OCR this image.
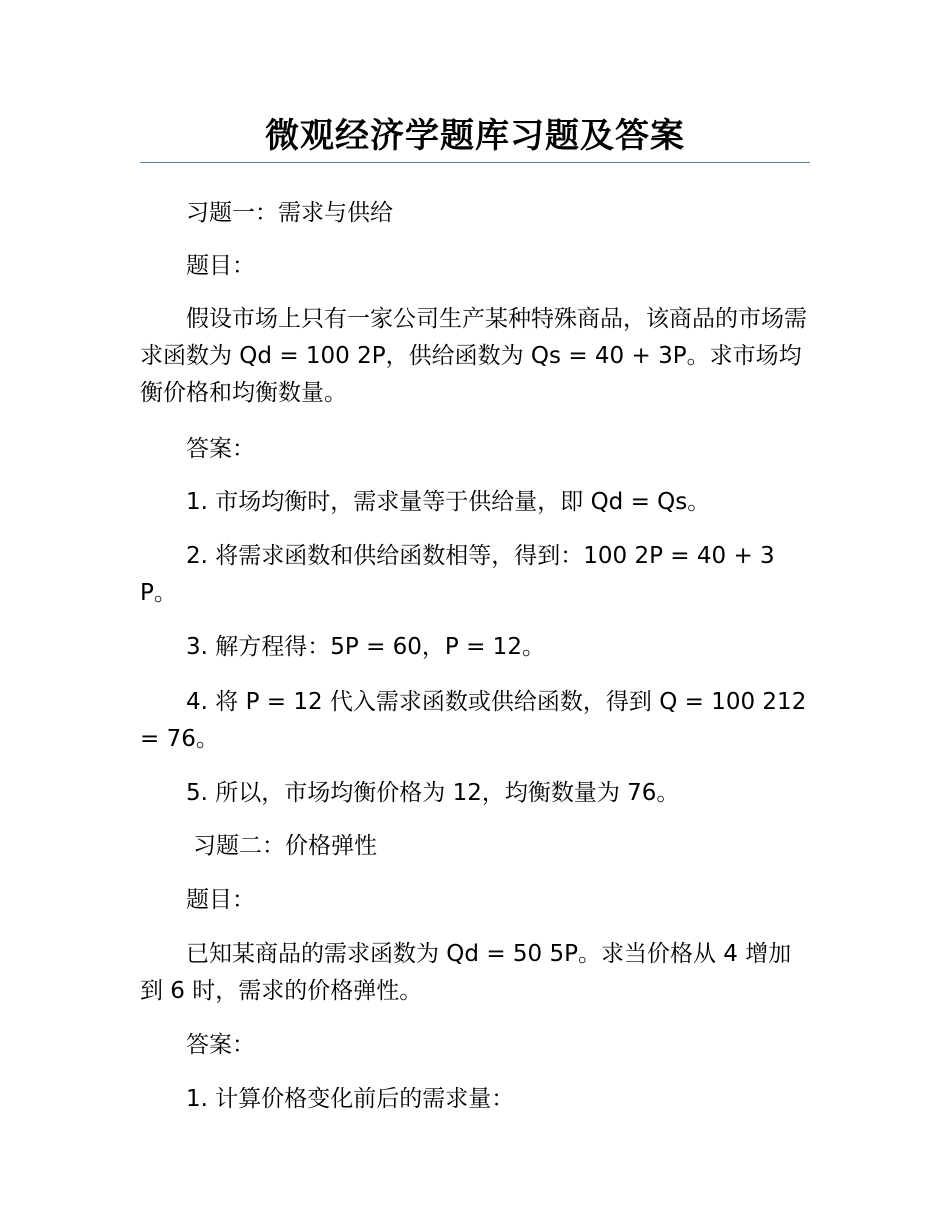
微观经济学题库习题及答案

习题一：需求与供给

题目：

假设市场上只有一家公司生产某种特殊商品，该商品的市场需求函数为 Qd = 100 2P，供给函数为 Qs = 40 + 3P。求市场均衡价格和均衡数量。

答案：

1. 市场均衡时，需求量等于供给量，即 Qd = Qs。

2. 将需求函数和供给函数相等，得到：100 2P = 40 + 3P。

3. 解方程得：5P = 60，P = 12。

4. 将 P = 12 代入需求函数或供给函数，得到 Q = 100 212 = 76。

5. 所以，市场均衡价格为 12，均衡数量为 76。

习题二：价格弹性

题目：

已知某商品的需求函数为 Qd = 50 5P。求当价格从 4 增加到 6 时，需求的价格弹性。

答案：

1. 计算价格变化前后的需求量：
